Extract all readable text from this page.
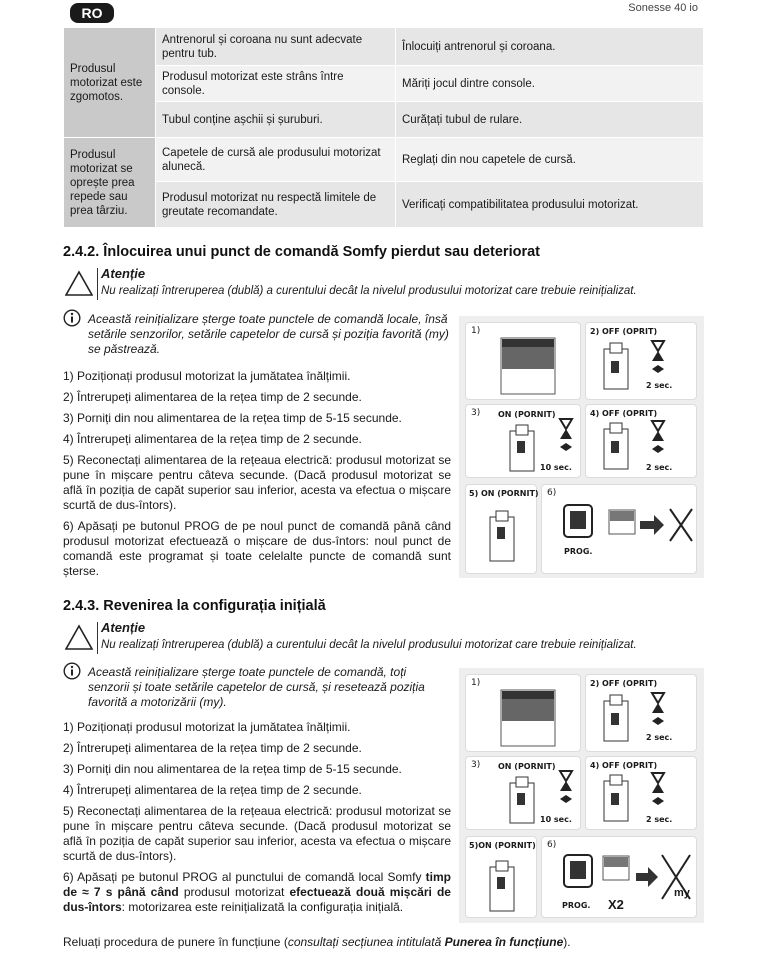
RO	Sonesse 40 io
Produsul motorizat este zgomotos.	Antrenorul și coroana nu sunt adecvate pentru tub.	Înlocuiți antrenorul și coroana.
	Produsul motorizat este strâns între console.	Măriți jocul dintre console.
	Tubul conține așchii și șuruburi.	Curățați tubul de rulare.
Produsul motorizat se oprește prea repede sau prea târziu.	Capetele de cursă ale produsului motorizat alunecă.	Reglați din nou capetele de cursă.
	Produsul motorizat nu respectă limitele de greutate recomandate.	Verificați compatibilitatea produsului motorizat.
2.4.2. Înlocuirea unui punct de comandă Somfy pierdut sau deteriorat
Atenție
Nu realizați întreruperea (dublă) a curentului decât la nivelul produsului motorizat care trebuie reinițializat.
Această reinițializare șterge toate punctele de comandă locale, însă setările senzorilor, setările capetelor de cursă și poziția favorită (my) se păstrează.

1) Poziționați produsul motorizat la jumătatea înălțimii.

2) Întrerupeți alimentarea de la rețea timp de 2 secunde.

3) Porniți din nou alimentarea de la rețea timp de 5-15 secunde.

4) Întrerupeți alimentarea de la rețea timp de 2 secunde.

5) Reconectați alimentarea de la rețeaua electrică: produsul motorizat se pune în mișcare pentru câteva secunde. (Dacă produsul motorizat se află în poziția de capăt superior sau inferior, acesta va efectua o mișcare scurtă de dus-întors).

6) Apăsați pe butonul PROG de pe noul punct de comandă până când produsul motorizat efectuează o mișcare de dus-întors: noul punct de comandă este programat și toate celelalte puncte de comandă sunt șterse.

1)	2) OFF (OPRIT)
2 sec.
3) ON (PORNIT)
10 sec.
4) OFF (OPRIT)
2 sec.
5) ON (PORNIT) 6)
PROG.
2.4.3. Revenirea la configurația inițială
Atenție
Nu realizați întreruperea (dublă) a curentului decât la nivelul produsului motorizat care trebuie reinițializat.
Această reinițializare șterge toate punctele de comandă, toți senzorii și toate setările capetelor de cursă, și resetează poziția favorită a motorizării (my).

1) Poziționați produsul motorizat la jumătatea înălțimii.

2) Întrerupeți alimentarea de la rețea timp de 2 secunde.

3) Porniți din nou alimentarea de la rețea timp de 5-15 secunde.

4) Întrerupeți alimentarea de la rețea timp de 2 secunde.

5) Reconectați alimentarea de la rețeaua electrică: produsul motorizat se pune în mișcare pentru câteva secunde. (Dacă produsul motorizat se află în poziția de capăt superior sau inferior, acesta va efectua o mișcare scurtă de dus-întors).

6) Apăsați pe butonul PROG al punctului de comandă local Somfy timp de ≈ 7 s până când produsul motorizat efectuează două mișcări de dus-întors: motorizarea este reinițializată la configurația inițială.

1)	2) OFF (OPRIT)
2 sec.
3) ON (PORNIT)
10 sec.
4) OFF (OPRIT)
2 sec.
5)ON (PORNIT) 6)
PROG. X2
my
Reluați procedura de punere în funcțiune (consultați secțiunea intitulată Punerea în funcțiune).
